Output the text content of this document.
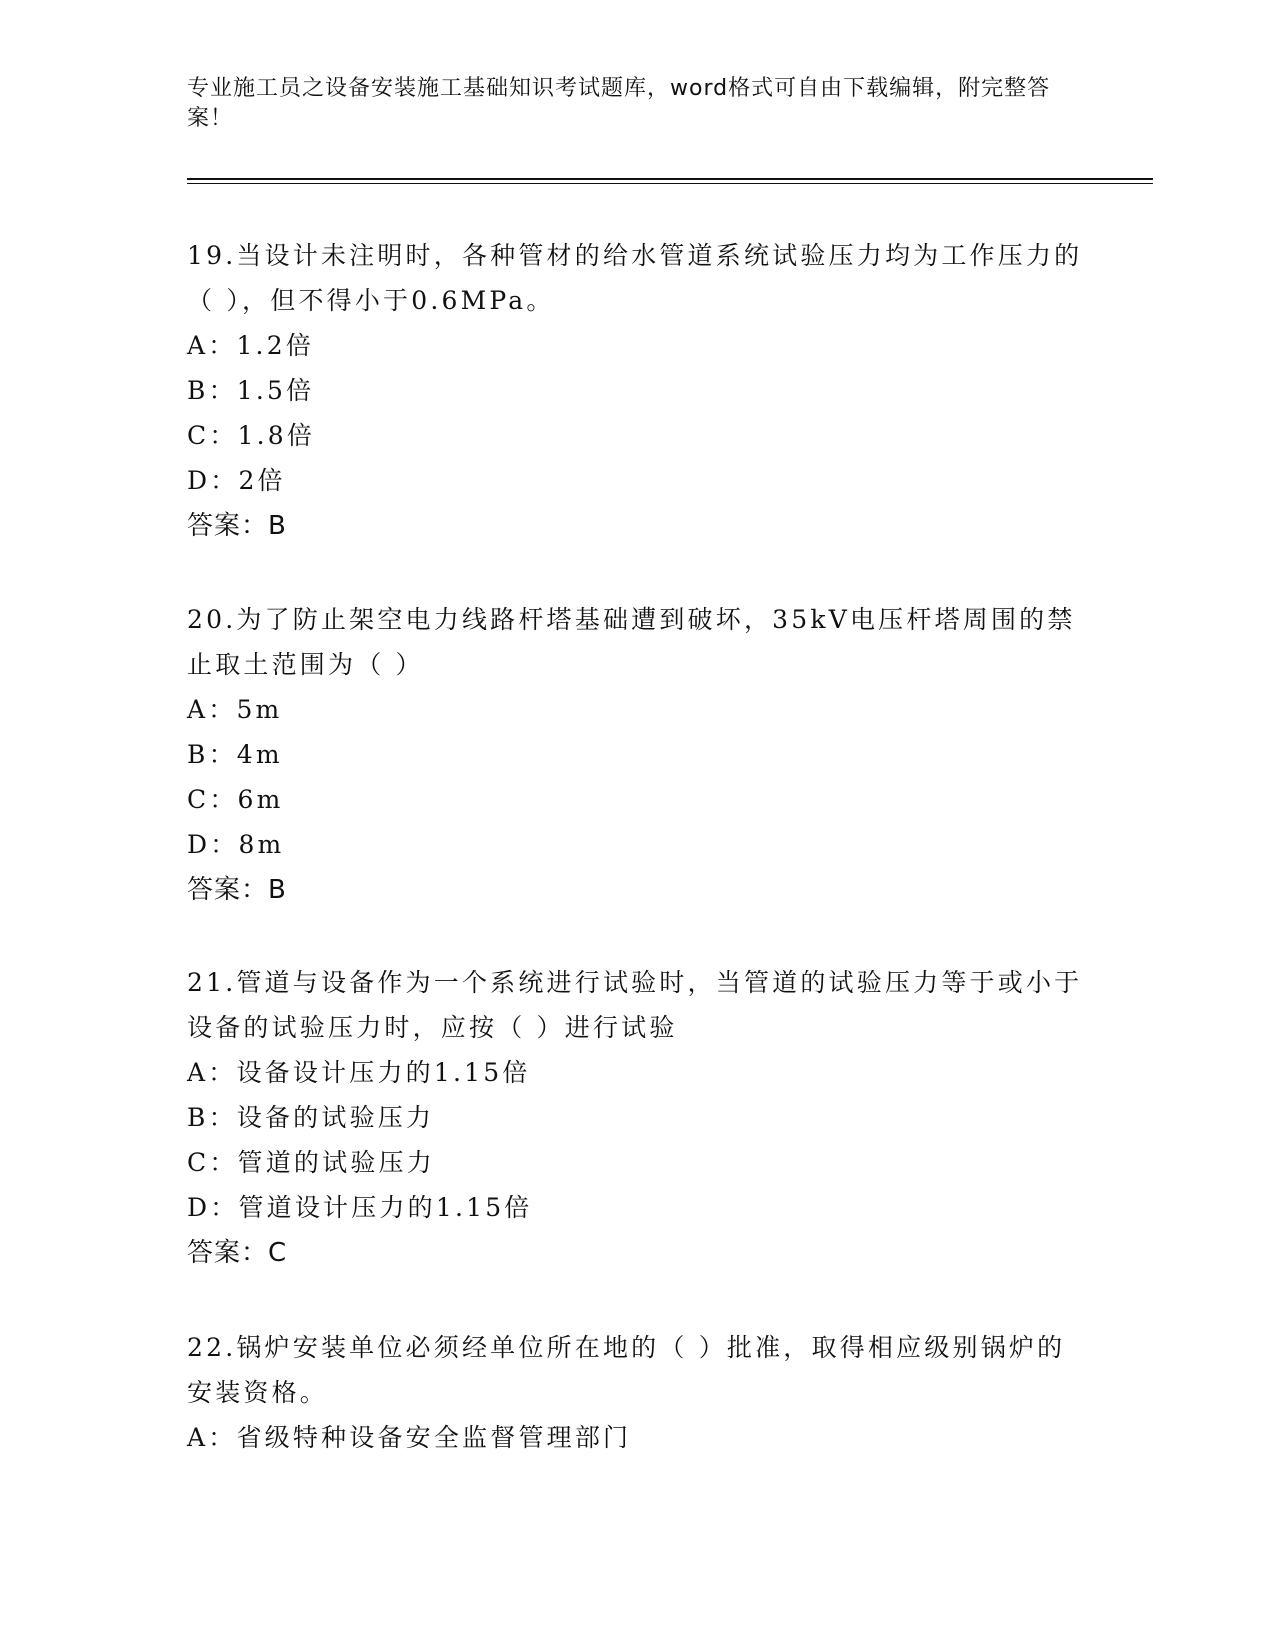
专业施工员之设备安装施工基础知识考试题库，word格式可自由下载编辑，附完整答案！

19.当设计未注明时，各种管材的给水管道系统试验压力均为工作压力的（ ），但不得小于0.6MPa。

A：1.2倍

B：1.5倍

C：1.8倍

D：2倍

答案：B

20.为了防止架空电力线路杆塔基础遭到破坏，35kV电压杆塔周围的禁止取土范围为（ ）

A：5m

B：4m

C：6m

D：8m

答案：B

21.管道与设备作为一个系统进行试验时，当管道的试验压力等于或小于设备的试验压力时，应按（ ）进行试验

A：设备设计压力的1.15倍

B：设备的试验压力

C：管道的试验压力

D：管道设计压力的1.15倍

答案：C

22.锅炉安装单位必须经单位所在地的（ ）批准，取得相应级别锅炉的安装资格。

A：省级特种设备安全监督管理部门
